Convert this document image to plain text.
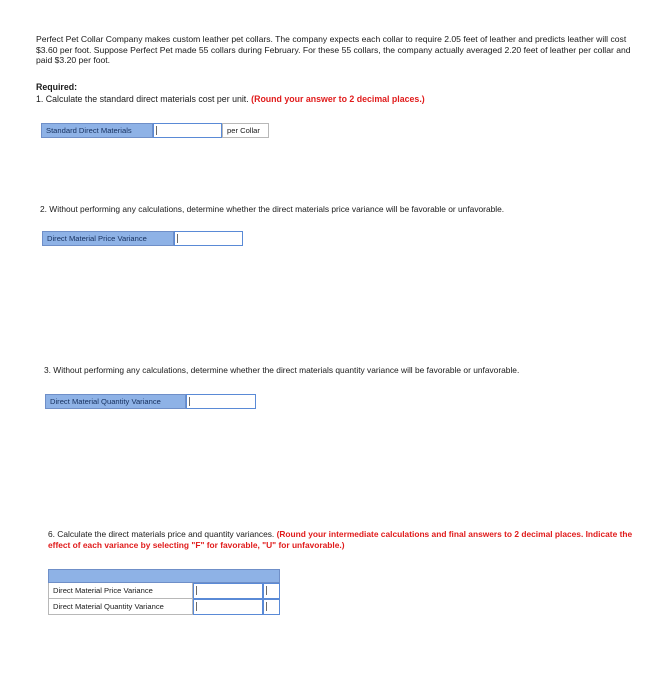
Perfect Pet Collar Company makes custom leather pet collars. The company expects each collar to require 2.05 feet of leather and predicts leather will cost $3.60 per foot. Suppose Perfect Pet made 55 collars during February. For these 55 collars, the company actually averaged 2.20 feet of leather per collar and paid $3.20 per foot.
Required:
1. Calculate the standard direct materials cost per unit. (Round your answer to 2 decimal places.)
Standard Direct Materials	per Collar
2. Without performing any calculations, determine whether the direct materials price variance will be favorable or unfavorable.
Direct Material Price Variance
3. Without performing any calculations, determine whether the direct materials quantity variance will be favorable or unfavorable.
Direct Material Quantity Variance
6. Calculate the direct materials price and quantity variances. (Round your intermediate calculations and final answers to 2 decimal places. Indicate the effect of each variance by selecting "F" for favorable, "U" for unfavorable.)
Direct Material Price Variance
Direct Material Quantity Variance
